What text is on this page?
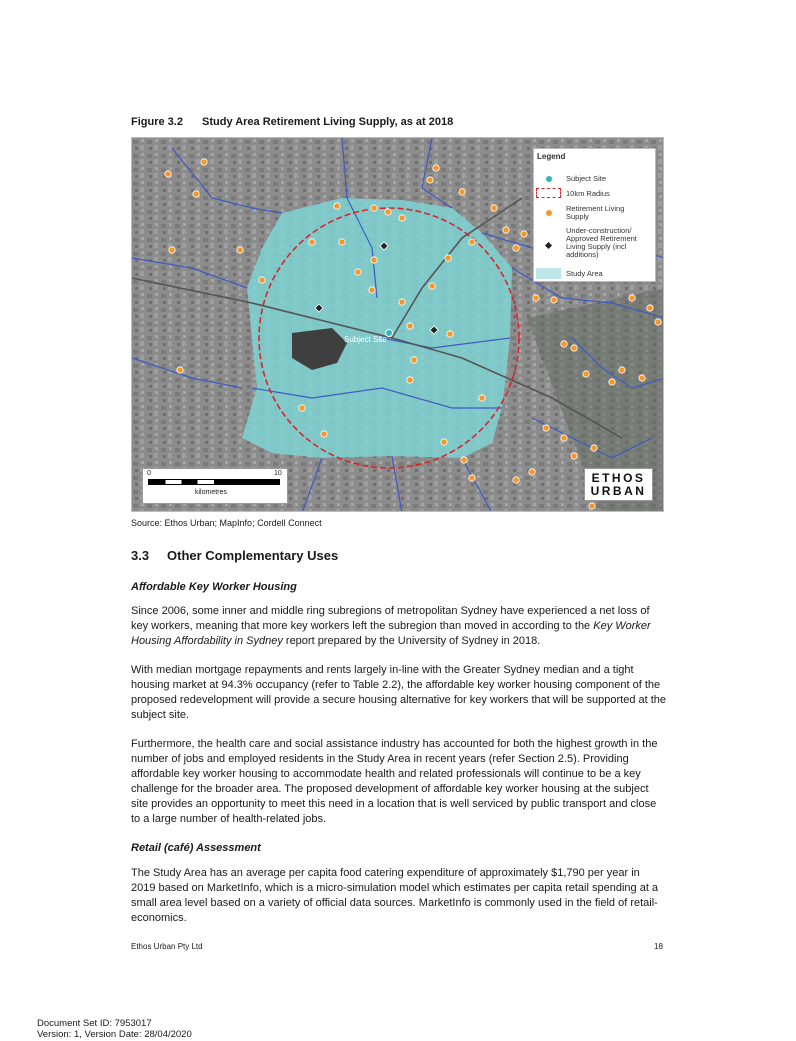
Figure 3.2 Study Area Retirement Living Supply, as at 2018
Subject Site
Legend
Subject Site
10km Radius
Retirement Living Supply
Under-construction/ Approved Retirement Living Supply (incl additions)
Study Area
0	10
kilometres
ETHOS
URBAN
Source: Ethos Urban; MapInfo; Cordell Connect
3.3 Other Complementary Uses
Affordable Key Worker Housing

Since 2006, some inner and middle ring subregions of metropolitan Sydney have experienced a net loss of key workers, meaning that more key workers left the subregion than moved in according to the Key Worker Housing Affordability in Sydney report prepared by the University of Sydney in 2018.

With median mortgage repayments and rents largely in-line with the Greater Sydney median and a tight housing market at 94.3% occupancy (refer to Table 2.2), the affordable key worker housing component of the proposed redevelopment will provide a secure housing alternative for key workers that will be supported at the subject site.

Furthermore, the health care and social assistance industry has accounted for both the highest growth in the number of jobs and employed residents in the Study Area in recent years (refer Section 2.5). Providing affordable key worker housing to accommodate health and related professionals will continue to be a key challenge for the broader area. The proposed development of affordable key worker housing at the subject site provides an opportunity to meet this need in a location that is well serviced by public transport and close to a large number of health-related jobs.

Retail (café) Assessment

The Study Area has an average per capita food catering expenditure of approximately $1,790 per year in 2019 based on MarketInfo, which is a micro-simulation model which estimates per capita retail spending at a small area level based on a variety of official data sources. MarketInfo is commonly used in the field of retail-economics.

Ethos Urban Pty Ltd	18
Document Set ID: 7953017
Version: 1, Version Date: 28/04/2020
